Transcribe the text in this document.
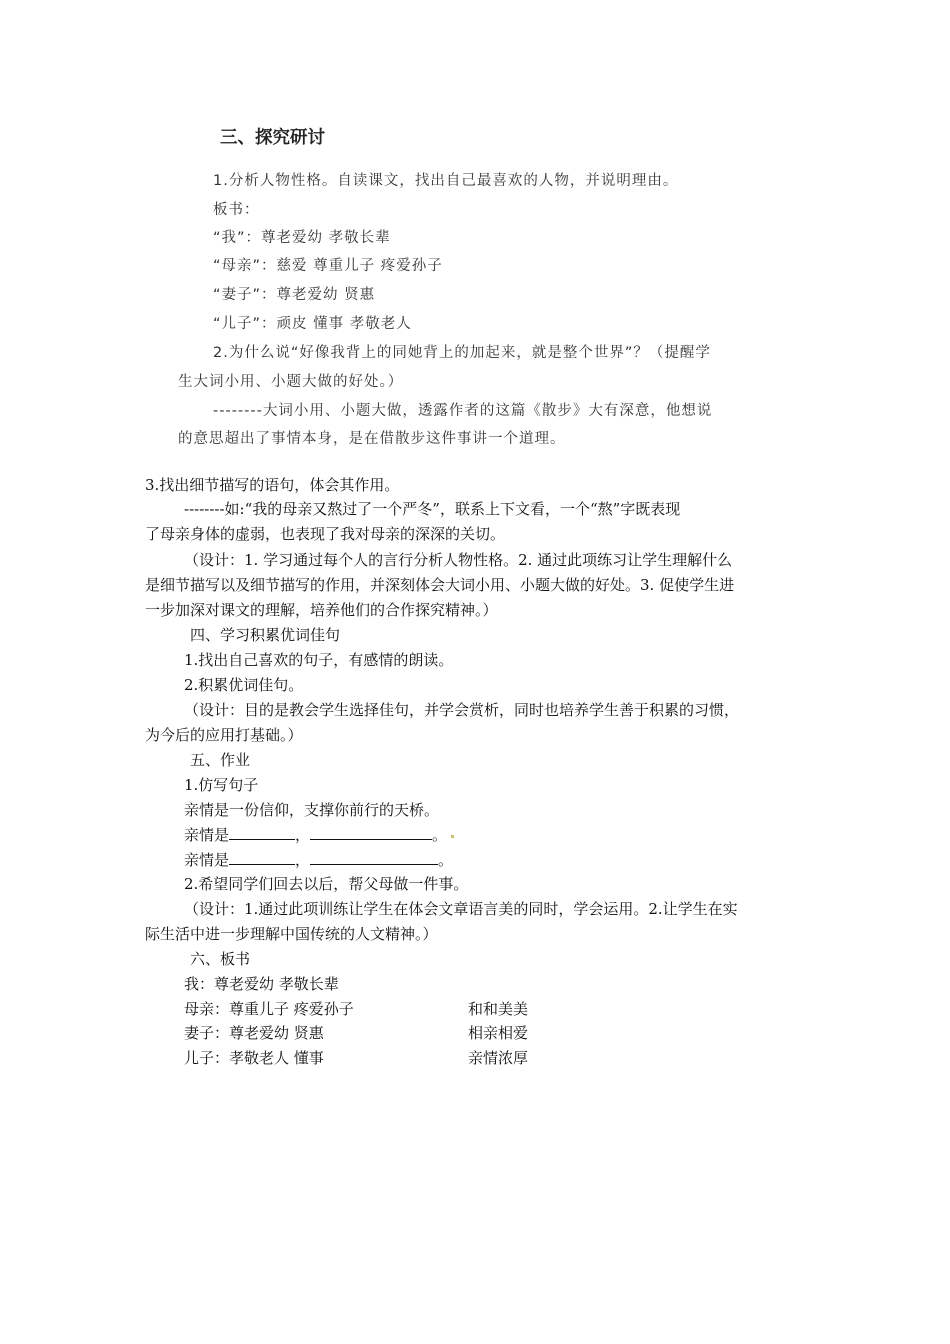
三、探究研讨
1.分析人物性格。自读课文，找出自己最喜欢的人物，并说明理由。
板书：
“我”：尊老爱幼 孝敬长辈
“母亲”：慈爱 尊重儿子 疼爱孙子
“妻子”：尊老爱幼 贤惠
“儿子”：顽皮 懂事 孝敬老人
2.为什么说“好像我背上的同她背上的加起来，就是整个世界”？（提醒学
生大词小用、小题大做的好处。）
--------大词小用、小题大做，透露作者的这篇《散步》大有深意，他想说
的意思超出了事情本身，是在借散步这件事讲一个道理。
3.找出细节描写的语句，体会其作用。
--------如:“我的母亲又熬过了一个严冬”，联系上下文看，一个“熬”字既表现
了母亲身体的虚弱，也表现了我对母亲的深深的关切。
（设计：1. 学习通过每个人的言行分析人物性格。2. 通过此项练习让学生理解什么
是细节描写以及细节描写的作用，并深刻体会大词小用、小题大做的好处。3. 促使学生进
一步加深对课文的理解，培养他们的合作探究精神。）
四、学习积累优词佳句
1.找出自己喜欢的句子，有感情的朗读。
2.积累优词佳句。
（设计：目的是教会学生选择佳句，并学会赏析，同时也培养学生善于积累的习惯，
为今后的应用打基础。）
五、作业
1.仿写句子
亲情是一份信仰，支撑你前行的天桥。
亲情是	，	。
亲情是	，	。
2.希望同学们回去以后，帮父母做一件事。
（设计：1.通过此项训练让学生在体会文章语言美的同时，学会运用。2.让学生在实
际生活中进一步理解中国传统的人文精神。）
六、板书
我：尊老爱幼 孝敬长辈
母亲：尊重儿子 疼爱孙子	和和美美
妻子：尊老爱幼 贤惠	相亲相爱
儿子：孝敬老人 懂事	亲情浓厚
